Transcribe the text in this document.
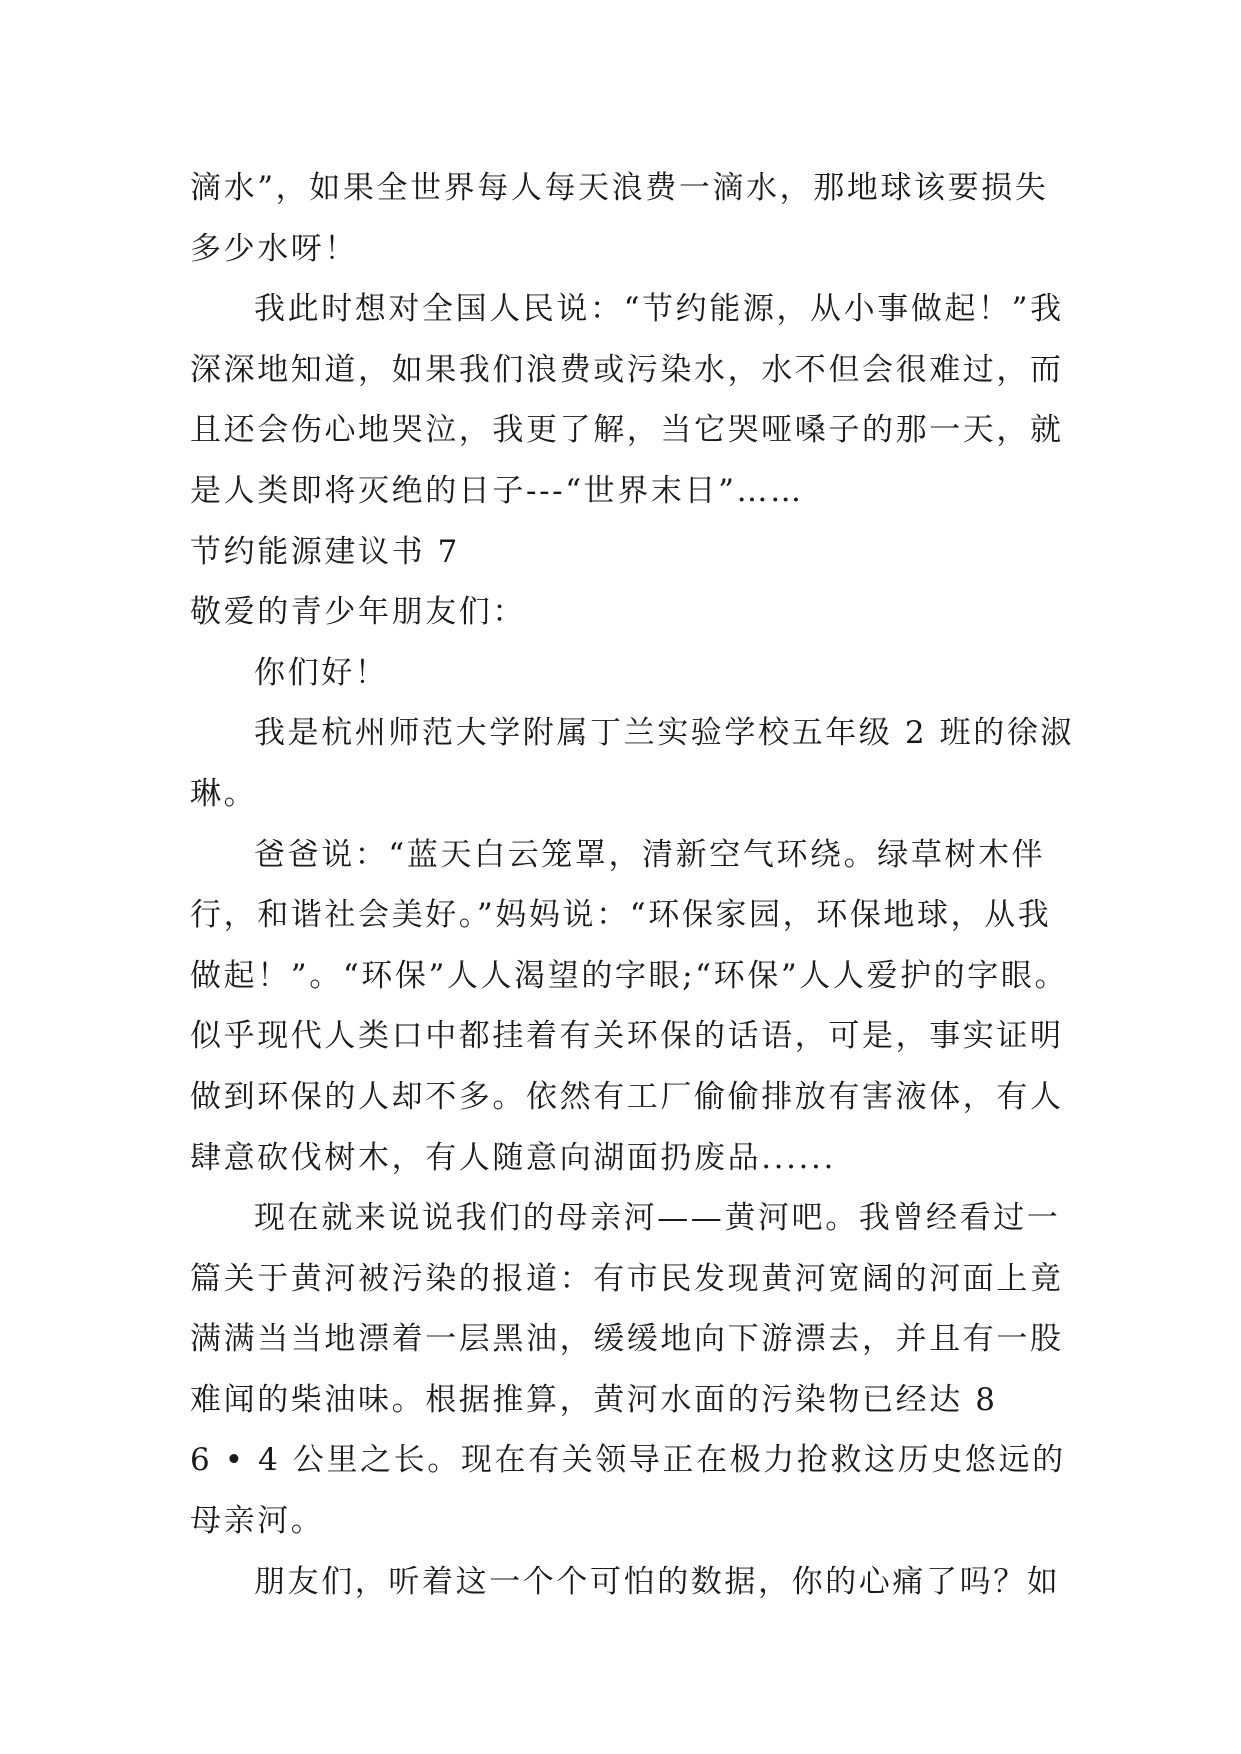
滴水”，如果全世界每人每天浪费一滴水，那地球该要损失
多少水呀！
我此时想对全国人民说：“节约能源，从小事做起！”我
深深地知道，如果我们浪费或污染水，水不但会很难过，而
且还会伤心地哭泣，我更了解，当它哭哑嗓子的那一天，就
是人类即将灭绝的日子---“世界末日”……
节约能源建议书 7
敬爱的青少年朋友们：
你们好！
我是杭州师范大学附属丁兰实验学校五年级 2 班的徐淑
琳。
爸爸说：“蓝天白云笼罩，清新空气环绕。绿草树木伴
行，和谐社会美好。”妈妈说：“环保家园，环保地球，从我
做起！”。“环保”人人渴望的字眼;“环保”人人爱护的字眼。
似乎现代人类口中都挂着有关环保的话语，可是，事实证明
做到环保的人却不多。依然有工厂偷偷排放有害液体，有人
肆意砍伐树木，有人随意向湖面扔废品......
现在就来说说我们的母亲河——黄河吧。我曾经看过一
篇关于黄河被污染的报道：有市民发现黄河宽阔的河面上竟
满满当当地漂着一层黑油，缓缓地向下游漂去，并且有一股
难闻的柴油味。根据推算，黄河水面的污染物已经达 8
6 • 4 公里之长。现在有关领导正在极力抢救这历史悠远的
母亲河。
朋友们，听着这一个个可怕的数据，你的心痛了吗？如
